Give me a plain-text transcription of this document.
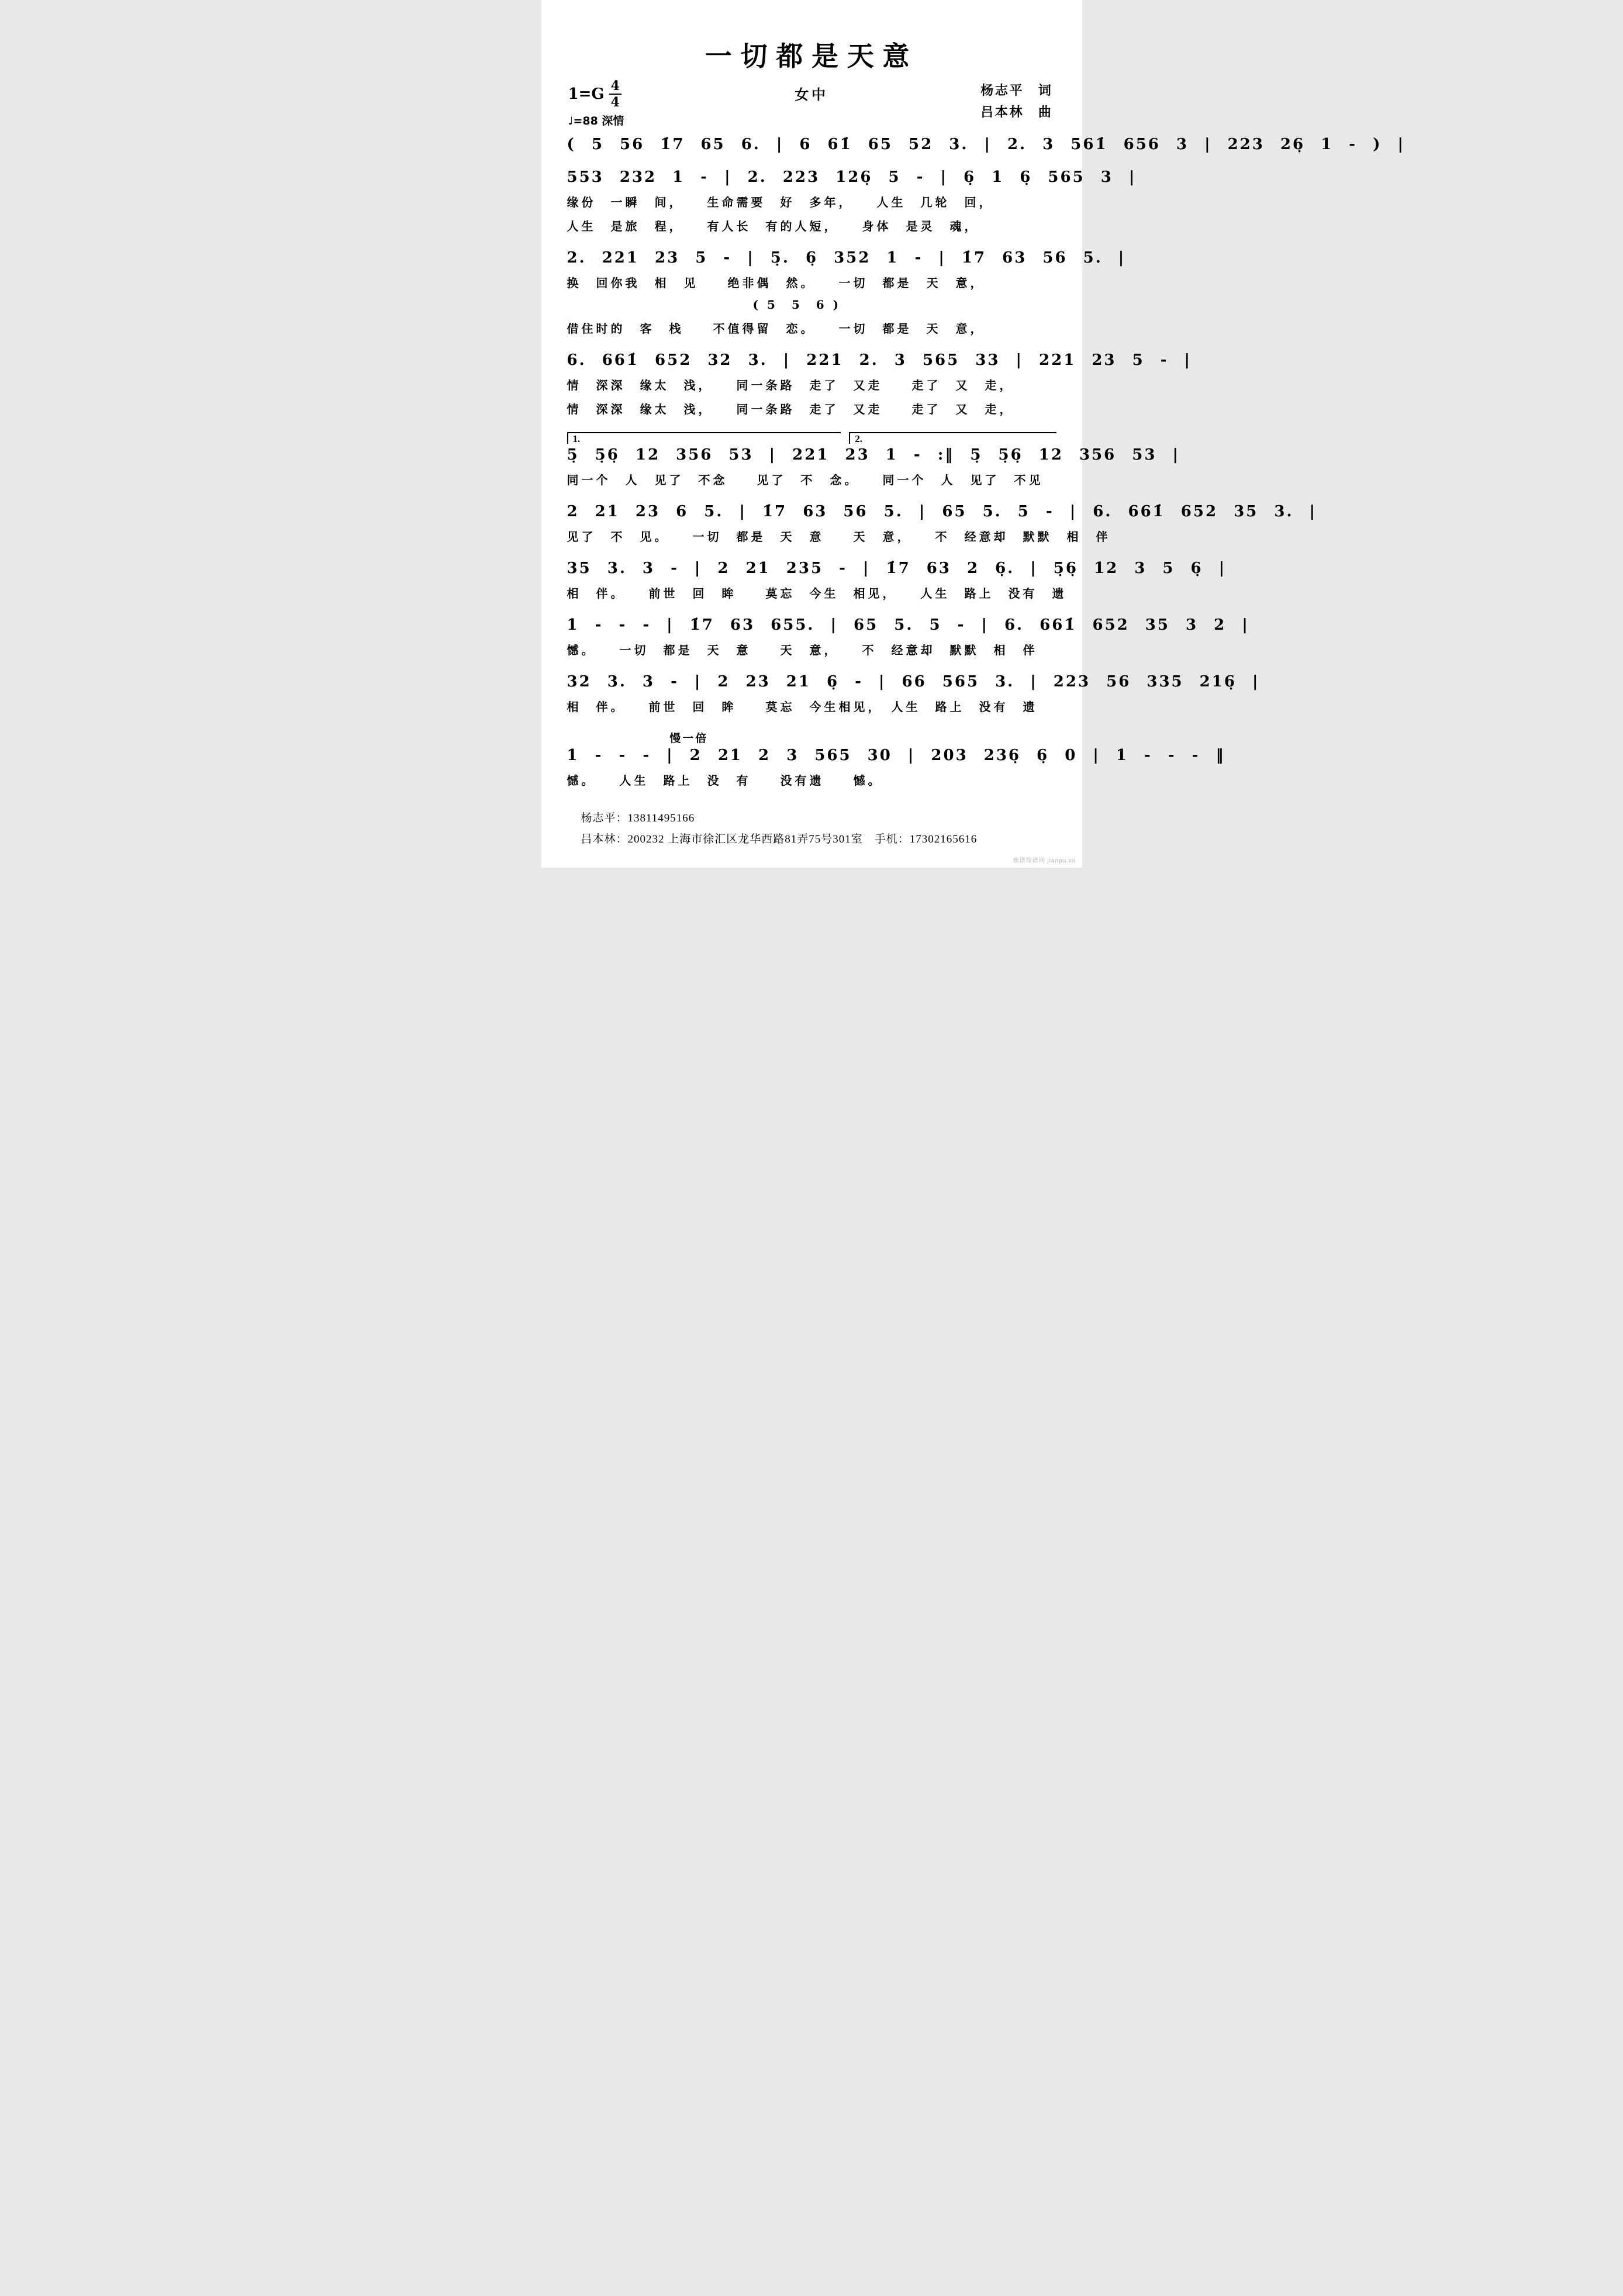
一切都是天意
$1=G \frac{4}{4}$
♩=88 深情
女中	杨志平　词
吕本林　曲
( 5 56 1̇7 65 6. | 6 61̇ 65 52 3. | 2. 3 561̇ 656 3 | 223 26̣ 1 - ) |
553 232 1 - | 2. 223 126̣ 5 - | 6̣ 1 6̣ 565 3 |
缘份　一瞬　间，　　生命需要　好　多年，　　人生　几轮　回，
人生　是旅　程，　　有人长　有的人短，　　身体　是灵　魂，
2. 221 23 5 - | 5̣. 6̣ 352 1 - | 1̇7 63 56 5. |
换　回你我　相　见　　绝非偶　然。　　一切　都是　天　意，
( 5　5　6 )
借住时的　客　栈　　不值得留　恋。　　一切　都是　天　意，
6. 661̇ 652 32 3. | 221 2. 3 565 33 | 221 23 5 - |
情　深深　缘太　浅，　　同一条路　走了　又走　　走了　又　走，
情　深深　缘太　浅，　　同一条路　走了　又走　　走了　又　走，
1.	2.
5̣ 5̣6̣ 12 356 53 | 221 23 1 - :‖ 5̣ 5̣6̣ 12 356 53 |
同一个　人　见了　不念　　见了　不　念。　　同一个　人　见了　不见
2 21 23 6 5. | 1̇7 63 56 5. | 65 5. 5 - | 6. 661̇ 652 35 3. |
见了　不　见。　　一切　都是　天　意　　天　意，　　不　经意却　默默　相　伴
35 3. 3 - | 2 21 235 - | 1̇7 63 2 6̣. | 5̣6̣ 12 3 5 6̣ |
相　伴。　　前世　回　眸　　莫忘　今生　相见，　　人生　路上　没有　遗
1 - - - | 1̇7 63 655. | 65 5. 5 - | 6. 661̇ 652 35 3 2 |
憾。　　一切　都是　天　意　　天　意，　　不　经意却　默默　相　伴
32 3. 3 - | 2 23 21 6̣ - | 66 565 3. | 223 56 335 216̣ |
相　伴。　　前世　回　眸　　莫忘　今生相见，　人生　路上　没有　遗
慢一倍
1 - - - | 2 21 2 3 565 30 | 203 236̣ 6̣ 0 | 1 - - - ‖
憾。　　人生　路上　没　有　　没有遗　　憾。
杨志平：13811495166
吕本林：200232 上海市徐汇区龙华西路81弄75号301室　手机：17302165616
歌谱简谱网 jianpu.cn
